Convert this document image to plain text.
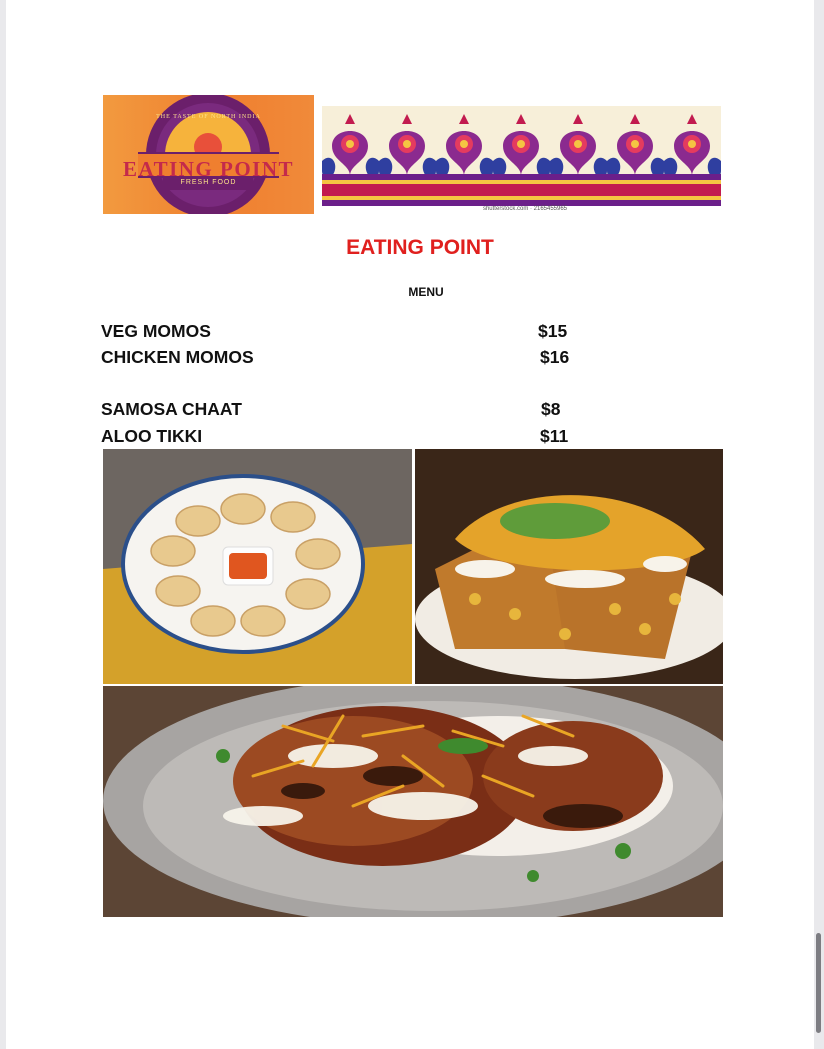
THE TASTE OF NORTH INDIA
EATING POINT
FRESH FOOD
shutterstock.com · 2165455965
EATING POINT
MENU
VEG MOMOS	$15
CHICKEN MOMOS	$16
SAMOSA CHAAT	$8
ALOO TIKKI	$11
